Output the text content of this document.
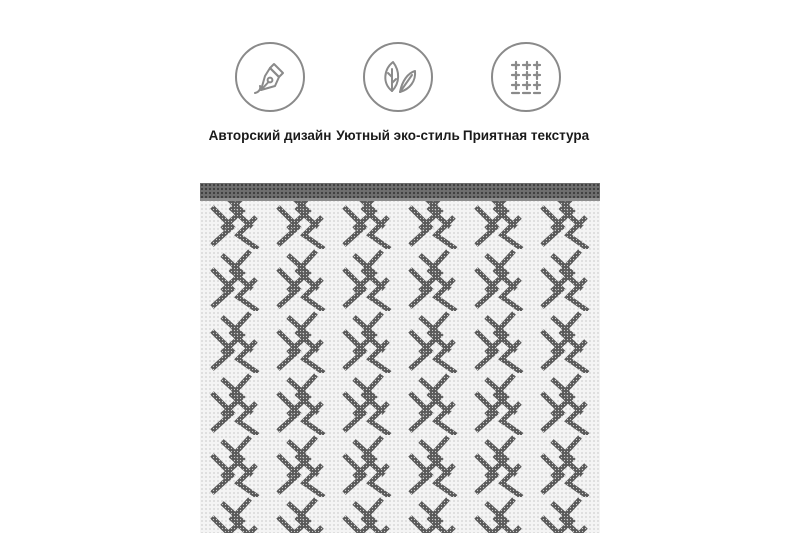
Авторский дизайн Уютный эко-стиль Приятная текстура
